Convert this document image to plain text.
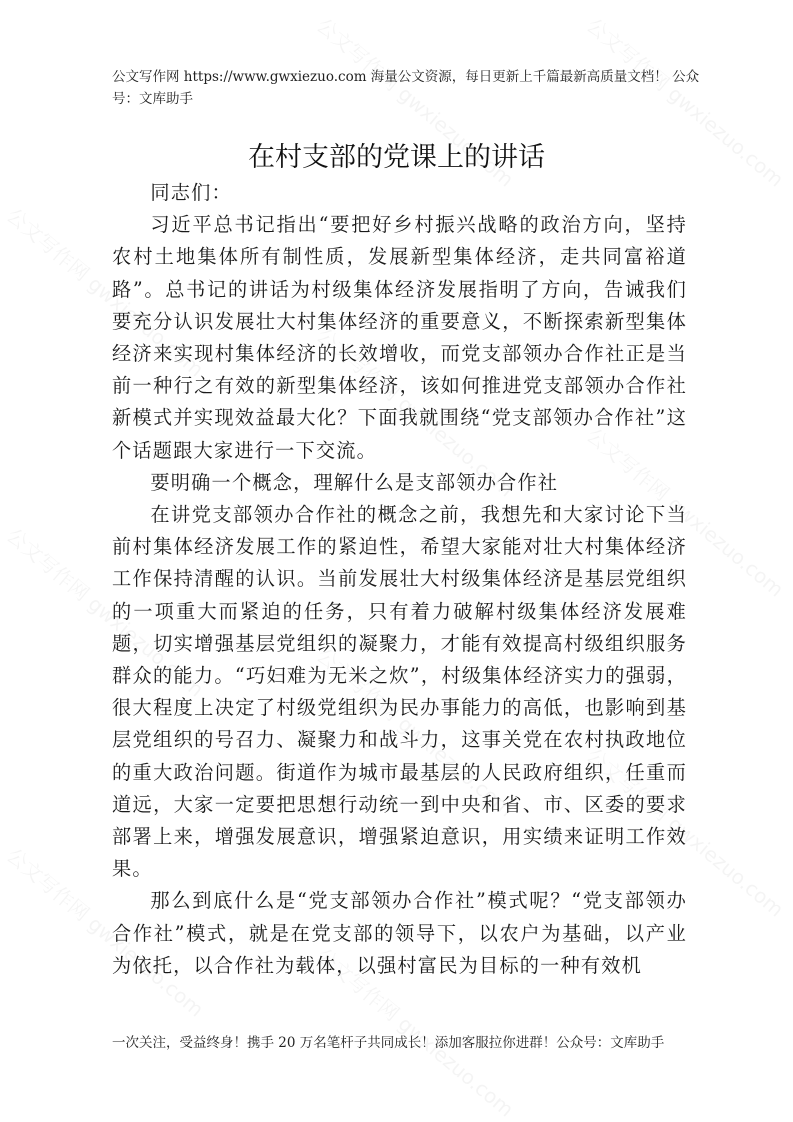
公文写作网 https://www.gwxiezuo.com 海量公文资源，每日更新上千篇最新高质量文档！ 公众号：文库助手
在村支部的党课上的讲话

同志们：

习近平总书记指出“要把好乡村振兴战略的政治方向，坚持农村土地集体所有制性质，发展新型集体经济，走共同富裕道路”。总书记的讲话为村级集体经济发展指明了方向，告诫我们要充分认识发展壮大村集体经济的重要意义，不断探索新型集体经济来实现村集体经济的长效增收，而党支部领办合作社正是当前一种行之有效的新型集体经济，该如何推进党支部领办合作社新模式并实现效益最大化？下面我就围绕“党支部领办合作社”这个话题跟大家进行一下交流。

要明确一个概念，理解什么是支部领办合作社

在讲党支部领办合作社的概念之前，我想先和大家讨论下当前村集体经济发展工作的紧迫性，希望大家能对壮大村集体经济工作保持清醒的认识。当前发展壮大村级集体经济是基层党组织的一项重大而紧迫的任务，只有着力破解村级集体经济发展难题，切实增强基层党组织的凝聚力，才能有效提高村级组织服务群众的能力。“巧妇难为无米之炊”，村级集体经济实力的强弱，很大程度上决定了村级党组织为民办事能力的高低，也影响到基层党组织的号召力、凝聚力和战斗力，这事关党在农村执政地位的重大政治问题。街道作为城市最基层的人民政府组织，任重而道远，大家一定要把思想行动统一到中央和省、市、区委的要求部署上来，增强发展意识，增强紧迫意识，用实绩来证明工作效果。

那么到底什么是“党支部领办合作社”模式呢？“党支部领办合作社”模式，就是在党支部的领导下，以农户为基础，以产业为依托，以合作社为载体，以强村富民为目标的一种有效机

一次关注，受益终身！携手 20 万名笔杆子共同成长！添加客服拉你进群！公众号：文库助手
